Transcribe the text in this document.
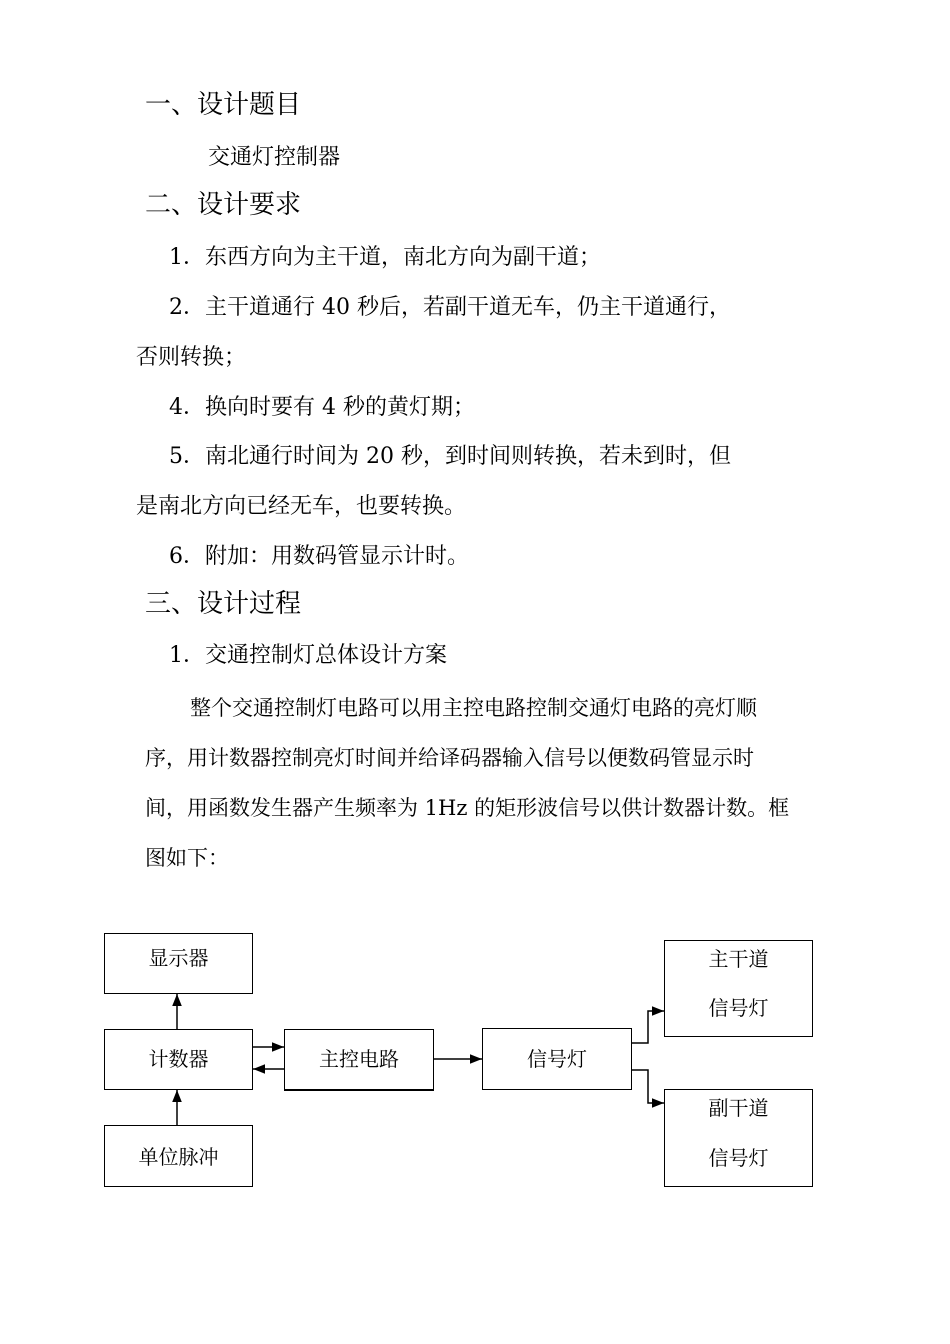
一、设计题目
交通灯控制器
二、设计要求
1．东西方向为主干道，南北方向为副干道；
2．主干道通行 40 秒后，若副干道无车，仍主干道通行，
否则转换；
4．换向时要有 4 秒的黄灯期；
5．南北通行时间为 20 秒，到时间则转换，若未到时，但
是南北方向已经无车，也要转换。
6．附加：用数码管显示计时。
三、设计过程
1．交通控制灯总体设计方案
整个交通控制灯电路可以用主控电路控制交通灯电路的亮灯顺
序，用计数器控制亮灯时间并给译码器输入信号以便数码管显示时
间，用函数发生器产生频率为 1Hz 的矩形波信号以供计数器计数。框
图如下：
显示器
计数器
单位脉冲
主控电路	信号灯
主干道
信号灯
副干道
信号灯
